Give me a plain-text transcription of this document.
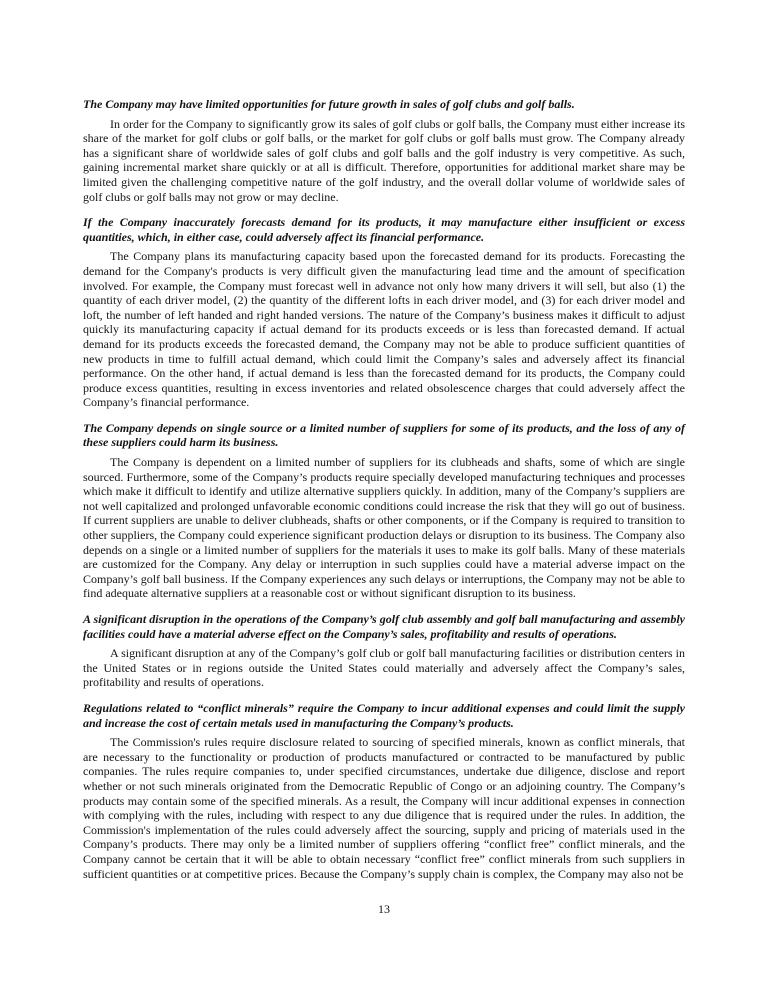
The Company may have limited opportunities for future growth in sales of golf clubs and golf balls.

In order for the Company to significantly grow its sales of golf clubs or golf balls, the Company must either increase its share of the market for golf clubs or golf balls, or the market for golf clubs or golf balls must grow. The Company already has a significant share of worldwide sales of golf clubs and golf balls and the golf industry is very competitive. As such, gaining incremental market share quickly or at all is difficult. Therefore, opportunities for additional market share may be limited given the challenging competitive nature of the golf industry, and the overall dollar volume of worldwide sales of golf clubs or golf balls may not grow or may decline.

If the Company inaccurately forecasts demand for its products, it may manufacture either insufficient or excess quantities, which, in either case, could adversely affect its financial performance.

The Company plans its manufacturing capacity based upon the forecasted demand for its products. Forecasting the demand for the Company's products is very difficult given the manufacturing lead time and the amount of specification involved. For example, the Company must forecast well in advance not only how many drivers it will sell, but also (1) the quantity of each driver model, (2) the quantity of the different lofts in each driver model, and (3) for each driver model and loft, the number of left handed and right handed versions. The nature of the Company’s business makes it difficult to adjust quickly its manufacturing capacity if actual demand for its products exceeds or is less than forecasted demand. If actual demand for its products exceeds the forecasted demand, the Company may not be able to produce sufficient quantities of new products in time to fulfill actual demand, which could limit the Company’s sales and adversely affect its financial performance. On the other hand, if actual demand is less than the forecasted demand for its products, the Company could produce excess quantities, resulting in excess inventories and related obsolescence charges that could adversely affect the Company’s financial performance.

The Company depends on single source or a limited number of suppliers for some of its products, and the loss of any of these suppliers could harm its business.

The Company is dependent on a limited number of suppliers for its clubheads and shafts, some of which are single sourced. Furthermore, some of the Company’s products require specially developed manufacturing techniques and processes which make it difficult to identify and utilize alternative suppliers quickly. In addition, many of the Company’s suppliers are not well capitalized and prolonged unfavorable economic conditions could increase the risk that they will go out of business. If current suppliers are unable to deliver clubheads, shafts or other components, or if the Company is required to transition to other suppliers, the Company could experience significant production delays or disruption to its business. The Company also depends on a single or a limited number of suppliers for the materials it uses to make its golf balls. Many of these materials are customized for the Company. Any delay or interruption in such supplies could have a material adverse impact on the Company’s golf ball business. If the Company experiences any such delays or interruptions, the Company may not be able to find adequate alternative suppliers at a reasonable cost or without significant disruption to its business.

A significant disruption in the operations of the Company’s golf club assembly and golf ball manufacturing and assembly facilities could have a material adverse effect on the Company’s sales, profitability and results of operations.

A significant disruption at any of the Company’s golf club or golf ball manufacturing facilities or distribution centers in the United States or in regions outside the United States could materially and adversely affect the Company’s sales, profitability and results of operations.

Regulations related to “conflict minerals” require the Company to incur additional expenses and could limit the supply and increase the cost of certain metals used in manufacturing the Company’s products.

The Commission's rules require disclosure related to sourcing of specified minerals, known as conflict minerals, that are necessary to the functionality or production of products manufactured or contracted to be manufactured by public companies. The rules require companies to, under specified circumstances, undertake due diligence, disclose and report whether or not such minerals originated from the Democratic Republic of Congo or an adjoining country. The Company’s products may contain some of the specified minerals. As a result, the Company will incur additional expenses in connection with complying with the rules, including with respect to any due diligence that is required under the rules. In addition, the Commission's implementation of the rules could adversely affect the sourcing, supply and pricing of materials used in the Company’s products. There may only be a limited number of suppliers offering “conflict free” conflict minerals, and the Company cannot be certain that it will be able to obtain necessary “conflict free” conflict minerals from such suppliers in sufficient quantities or at competitive prices. Because the Company’s supply chain is complex, the Company may also not be

13
